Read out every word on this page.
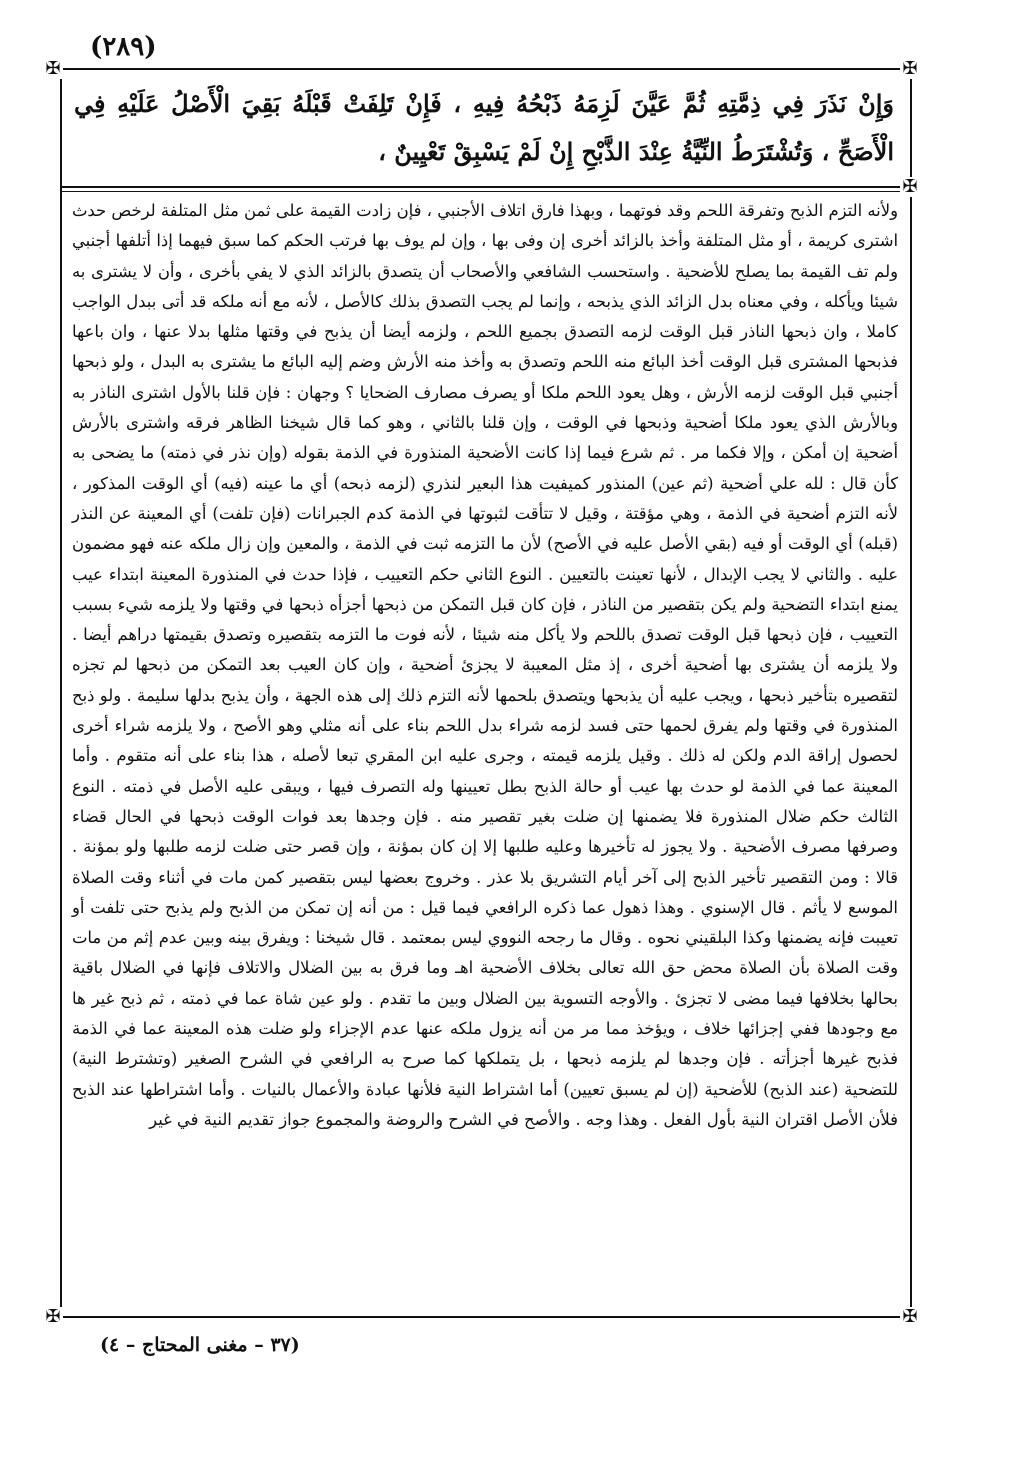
(٢٨٩)
✠	✠
✠
✠	✠
وَإِنْ نَذَرَ فِي ذِمَّتِهِ ثُمَّ عَيَّنَ لَزِمَهُ ذَبْحُهُ فِيهِ ، فَإِنْ تَلِفَتْ قَبْلَهُ بَقِيَ الْأَصْلُ عَلَيْهِ فِي الْأَصَحِّ ، وَتُشْتَرَطُ النِّيَّةُ عِنْدَ الذَّبْحِ إِنْ لَمْ يَسْبِقْ تَعْيِينٌ ،
ولأنه التزم الذبح وتفرقة اللحم وقد فوتهما ، وبهذا فارق اتلاف الأجنبي ، فإن زادت القيمة على ثمن مثل المتلفة لرخص حدث اشترى كريمة ، أو مثل المتلفة وأخذ بالزائد أخرى إن وفى بها ، وإن لم يوف بها فرتب الحكم كما سبق فيهما إذا أتلفها أجنبي ولم تف القيمة بما يصلح للأضحية . واستحسب الشافعي والأصحاب أن يتصدق بالزائد الذي لا يفي بأخرى ، وأن لا يشترى به شيئا ويأكله ، وفي معناه بدل الزائد الذي يذبحه ، وإنما لم يجب التصدق بذلك كالأصل ، لأنه مع أنه ملكه قد أتى ببدل الواجب كاملا ، وان ذبحها الناذر قبل الوقت لزمه التصدق بجميع اللحم ، ولزمه أيضا أن يذبح في وقتها مثلها بدلا عنها ، وان باعها فذبحها المشترى قبل الوقت أخذ البائع منه اللحم وتصدق به وأخذ منه الأرش وضم إليه البائع ما يشترى به البدل ، ولو ذبحها أجنبي قبل الوقت لزمه الأرش ، وهل يعود اللحم ملكا أو يصرف مصارف الضحايا ؟ وجهان : فإن قلنا بالأول اشترى الناذر به وبالأرش الذي يعود ملكا أضحية وذبحها في الوقت ، وإن قلنا بالثاني ، وهو كما قال شيخنا الظاهر فرقه واشترى بالأرش أضحية إن أمكن ، وإلا فكما مر . ثم شرع فيما إذا كانت الأضحية المنذورة في الذمة بقوله (وإن نذر في ذمته) ما يضحى به كأن قال : لله علي أضحية (ثم عين) المنذور كميفيت هذا البعير لنذري (لزمه ذبحه) أي ما عينه (فيه) أي الوقت المذكور ، لأنه التزم أضحية في الذمة ، وهي مؤقتة ، وقيل لا تتأقت لثبوتها في الذمة كدم الجبرانات (فإن تلفت) أي المعينة عن النذر (قبله) أي الوقت أو فيه (بقي الأصل عليه في الأصح) لأن ما التزمه ثبت في الذمة ، والمعين وإن زال ملكه عنه فهو مضمون عليه . والثاني لا يجب الإبدال ، لأنها تعينت بالتعيين . النوع الثاني حكم التعييب ، فإذا حدث في المنذورة المعينة ابتداء عيب يمنع ابتداء التضحية ولم يكن بتقصير من الناذر ، فإن كان قبل التمكن من ذبحها أجزأه ذبحها في وقتها ولا يلزمه شيء بسبب التعييب ، فإن ذبحها قبل الوقت تصدق باللحم ولا يأكل منه شيئا ، لأنه فوت ما التزمه بتقصيره وتصدق بقيمتها دراهم أيضا . ولا يلزمه أن يشترى بها أضحية أخرى ، إذ مثل المعيبة لا يجزئ أضحية ، وإن كان العيب بعد التمكن من ذبحها لم تجزه لتقصيره بتأخير ذبحها ، ويجب عليه أن يذبحها ويتصدق بلحمها لأنه التزم ذلك إلى هذه الجهة ، وأن يذبح بدلها سليمة . ولو ذبح المنذورة في وقتها ولم يفرق لحمها حتى فسد لزمه شراء بدل اللحم بناء على أنه مثلي وهو الأصح ، ولا يلزمه شراء أخرى لحصول إراقة الدم ولكن له ذلك . وقيل يلزمه قيمته ، وجرى عليه ابن المقري تبعا لأصله ، هذا بناء على أنه متقوم . وأما المعينة عما في الذمة لو حدث بها عيب أو حالة الذبح بطل تعيينها وله التصرف فيها ، ويبقى عليه الأصل في ذمته . النوع الثالث حكم ضلال المنذورة فلا يضمنها إن ضلت بغير تقصير منه . فإن وجدها بعد فوات الوقت ذبحها في الحال قضاء وصرفها مصرف الأضحية . ولا يجوز له تأخيرها وعليه طلبها إلا إن كان بمؤنة ، وإن قصر حتى ضلت لزمه طلبها ولو بمؤنة . قالا : ومن التقصير تأخير الذبح إلى آخر أيام التشريق بلا عذر . وخروج بعضها ليس بتقصير كمن مات في أثناء وقت الصلاة الموسع لا يأثم . قال الإسنوي . وهذا ذهول عما ذكره الرافعي فيما قيل : من أنه إن تمكن من الذبح ولم يذبح حتى تلفت أو تعيبت فإنه يضمنها وكذا البلقيني نحوه . وقال ما رجحه النووي ليس بمعتمد . قال شيخنا : ويفرق بينه وبين عدم إثم من مات وقت الصلاة بأن الصلاة محض حق الله تعالى بخلاف الأضحية اهـ وما فرق به بين الضلال والاتلاف فإنها في الضلال باقية بحالها بخلافها فيما مضى لا تجزئ . والأوجه التسوية بين الضلال وبين ما تقدم . ولو عين شاة عما في ذمته ، ثم ذبح غير ها مع وجودها ففي إجزائها خلاف ، ويؤخذ مما مر من أنه يزول ملكه عنها عدم الإجزاء ولو ضلت هذه المعينة عما في الذمة فذبح غيرها أجزأته . فإن وجدها لم يلزمه ذبحها ، بل يتملكها كما صرح به الرافعي في الشرح الصغير (وتشترط النية) للتضحية (عند الذبح) للأضحية (إن لم يسبق تعيين) أما اشتراط النية فلأنها عبادة والأعمال بالنيات . وأما اشتراطها عند الذبح فلأن الأصل اقتران النية بأول الفعل . وهذا وجه . والأصح في الشرح والروضة والمجموع جواز تقديم النية في غير
(٣٧ – مغنى المحتاج – ٤)
